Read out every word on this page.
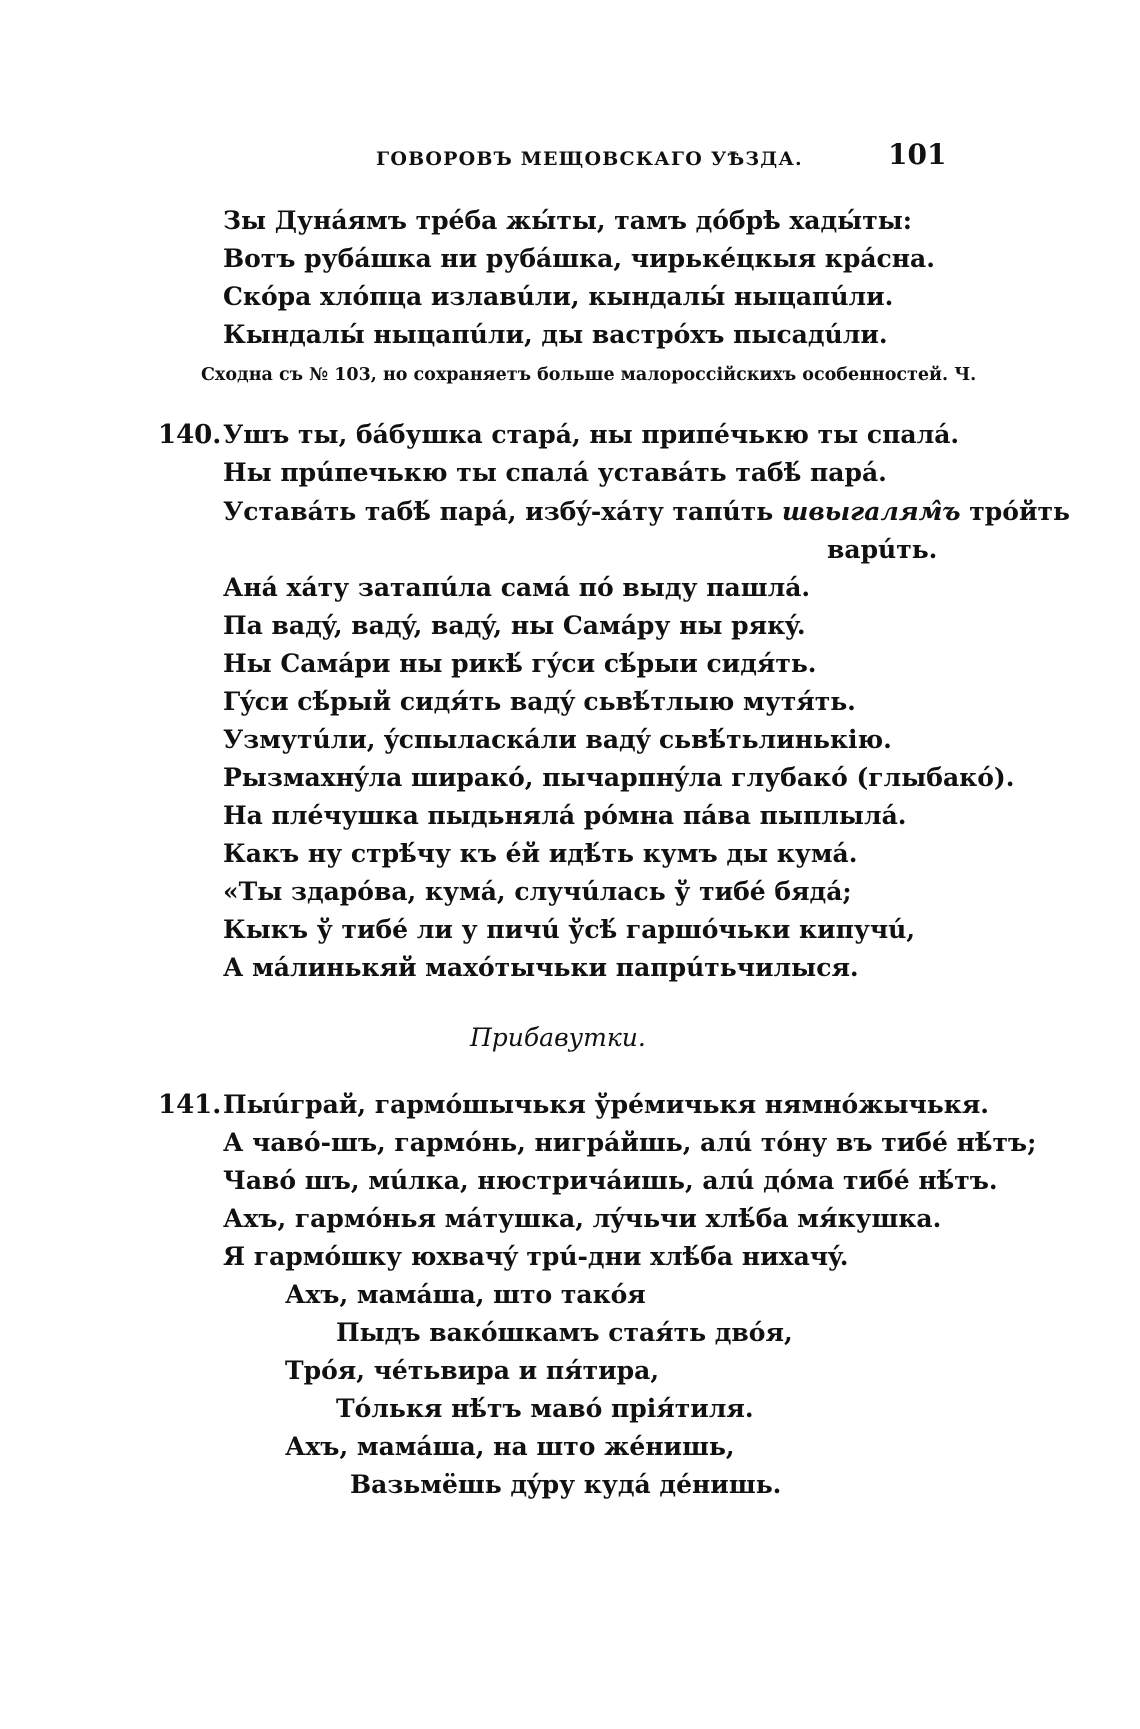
ГОВОРОВЪ МЕЩОВСКАГО УѢЗДА.	101
Зы Дунáямъ трéба жы́ты, тамъ дóбрѣ хады́ты:
Вотъ рубáшка ни рубáшка, чирькéцкыя крáсна.
Скóра хлóпца излавúли, кындалы́ ныцапúли.
Кындалы́ ныцапúли, ды вастрóхъ пысадúли.
Сходна съ № 103, но сохраняетъ больше малороссійскихъ особенностей. Ч.
140. Ушъ ты, бáбушка старá, ны припéчькю ты спалá.
Ны прúпечькю ты спалá уставáть табѣ́ парá.
Уставáть табѣ́ парá, избý-хáту тапúть швыгалям̂ъ трóйть
варúть.
Анá хáту затапúла самá пó выду пашлá.
Па вадý, вадý, вадý, ны Самáру ны рякý.
Ны Самáри ны рикѣ́ гýси сѣ́рыи сидя́ть.
Гýси сѣ́рый сидя́ть вадý сьвѣ́тлыю мутя́ть.
Узмутúли, ýспыласкáли вадý сьвѣ́тьлинькію.
Рызмахнýла ширакó, пычарпнýла глубакó (глыбакó).
На плéчушка пыдьнялá рóмна пáва пыплылá.
Какъ ну стрѣ́чу къ éй идѣ́ть кумъ ды кумá.
«Ты здарóва, кумá, случúлась ў тибé бядá;
Кыкъ ў тибé ли у пичú ўсѣ́ гаршóчьки кипучú,
А мáлинькяй махóтычьки папрúтьчилыся.
Прибавутки.
141. Пыúграй, гармóшычькя ўрéмичькя нямнóжычькя.
А чавó-шъ, гармóнь, нигрáйшь, алú тóну въ тибé нѣ́тъ;
Чавó шъ, мúлка, нюстричáишь, алú дóма тибé нѣ́тъ.
Ахъ, гармóнья мáтушка, лýчьчи хлѣ́ба мя́кушка.
Я гармóшку юхвачý трú-дни хлѣ́ба нихачý.
Ахъ, мамáша, што такóя
Пыдъ вакóшкамъ стая́ть двóя,
Трóя, чéтьвира и пя́тира,
Тóлькя нѣ́тъ мавó прія́тиля.
Ахъ, мамáша, на што жéнишь,
Вазьмёшь дýру кудá дéнишь.
